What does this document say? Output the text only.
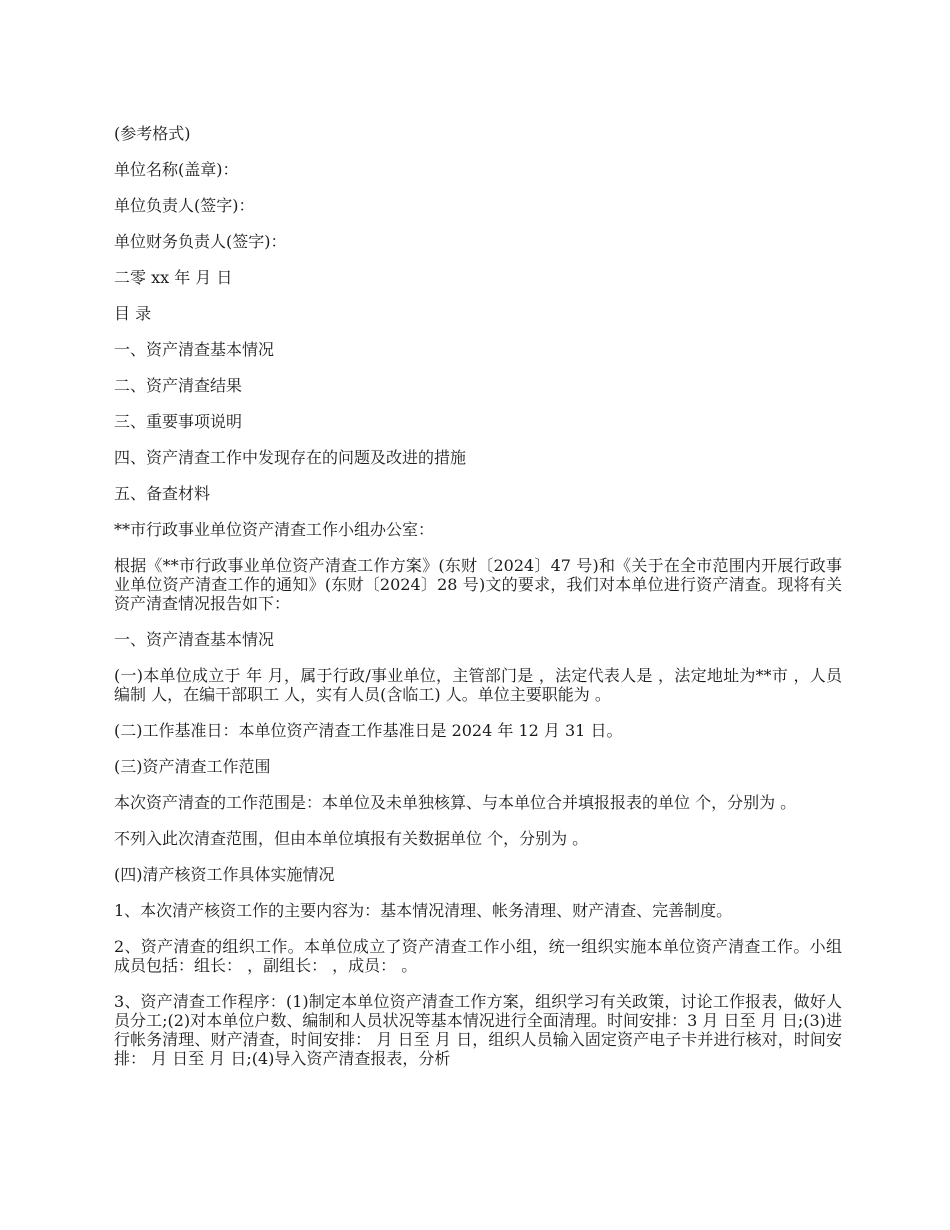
(参考格式)
单位名称(盖章)：
单位负责人(签字)：
单位财务负责人(签字)：
二零 xx 年 月 日
目 录
一、资产清查基本情况
二、资产清查结果
三、重要事项说明
四、资产清查工作中发现存在的问题及改进的措施
五、备查材料
**市行政事业单位资产清查工作小组办公室：
根据《**市行政事业单位资产清查工作方案》(东财〔2024〕47 号)和《关于在全市范围内开展行政事业单位资产清查工作的通知》(东财〔2024〕28 号)文的要求，我们对本单位进行资产清查。现将有关资产清查情况报告如下：
一、资产清查基本情况
(一)本单位成立于 年 月，属于行政/事业单位，主管部门是 ，法定代表人是 ，法定地址为**市 ，人员编制 人，在编干部职工 人，实有人员(含临工) 人。单位主要职能为 。
(二)工作基准日：本单位资产清查工作基准日是 2024 年 12 月 31 日。
(三)资产清查工作范围
本次资产清查的工作范围是：本单位及未单独核算、与本单位合并填报报表的单位 个，分别为 。
不列入此次清查范围，但由本单位填报有关数据单位 个，分别为 。
(四)清产核资工作具体实施情况
1、本次清产核资工作的主要内容为：基本情况清理、帐务清理、财产清查、完善制度。
2、资产清查的组织工作。本单位成立了资产清查工作小组，统一组织实施本单位资产清查工作。小组成员包括：组长： ，副组长： ，成员： 。
3、资产清查工作程序：(1)制定本单位资产清查工作方案，组织学习有关政策，讨论工作报表，做好人员分工;(2)对本单位户数、编制和人员状况等基本情况进行全面清理。时间安排：3 月 日至 月 日;(3)进行帐务清理、财产清查，时间安排： 月 日至 月 日，组织人员输入固定资产电子卡并进行核对，时间安排： 月 日至 月 日;(4)导入资产清查报表，分析
